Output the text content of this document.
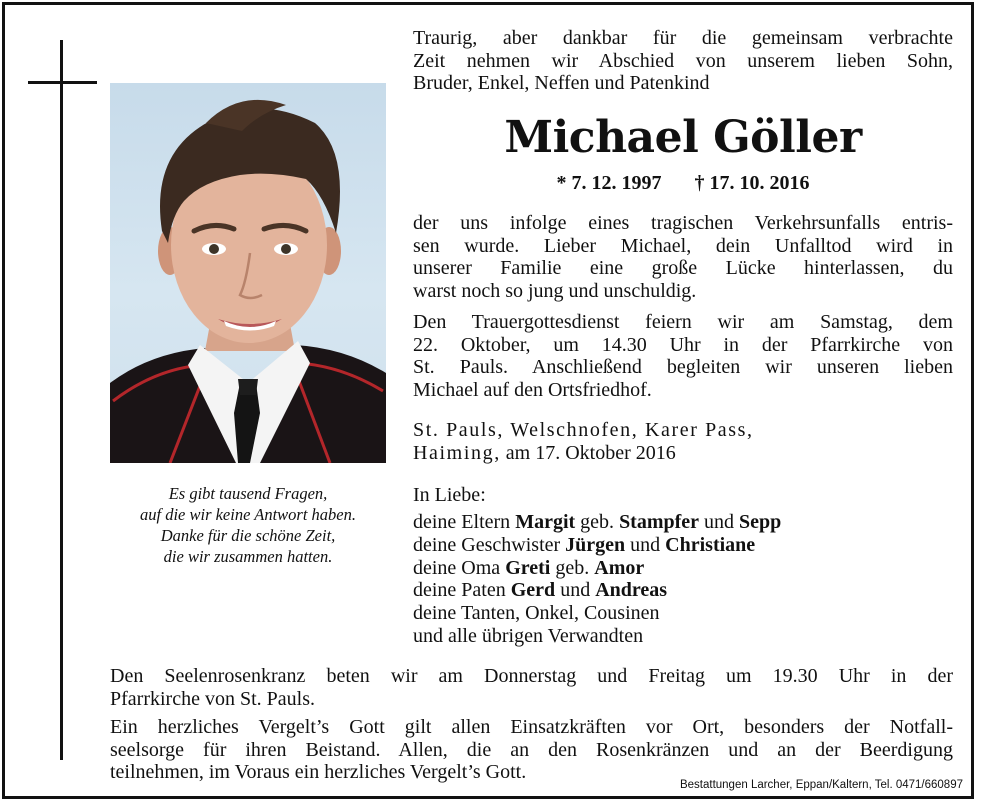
Es gibt tausend Fragen,
auf die wir keine Antwort haben.
Danke für die schöne Zeit,
die wir zusammen hatten.
Traurig, aber dankbar für die gemeinsam verbrachte
Zeit nehmen wir Abschied von unserem lieben Sohn,
Bruder, Enkel, Neffen und Patenkind
Michael Göller
* 7. 12. 1997 † 17. 10. 2016
der uns infolge eines tragischen Verkehrsunfalls entris-
sen wurde. Lieber Michael, dein Unfalltod wird in
unserer Familie eine große Lücke hinterlassen, du
warst noch so jung und unschuldig.
Den Trauergottesdienst feiern wir am Samstag, dem
22. Oktober, um 14.30 Uhr in der Pfarrkirche von
St. Pauls. Anschließend begleiten wir unseren lieben
Michael auf den Ortsfriedhof.
St. Pauls, Welschnofen, Karer Pass,
Haiming, am 17. Oktober 2016
In Liebe:
deine Eltern Margit geb. Stampfer und Sepp
deine Geschwister Jürgen und Christiane
deine Oma Greti geb. Amor
deine Paten Gerd und Andreas
deine Tanten, Onkel, Cousinen
und alle übrigen Verwandten
Den Seelenrosenkranz beten wir am Donnerstag und Freitag um 19.30 Uhr in der
Pfarrkirche von St. Pauls.
Ein herzliches Vergelt’s Gott gilt allen Einsatzkräften vor Ort, besonders der Notfall-
seelsorge für ihren Beistand. Allen, die an den Rosenkränzen und an der Beerdigung
teilnehmen, im Voraus ein herzliches Vergelt’s Gott.
Bestattungen Larcher, Eppan/Kaltern, Tel. 0471/660897
